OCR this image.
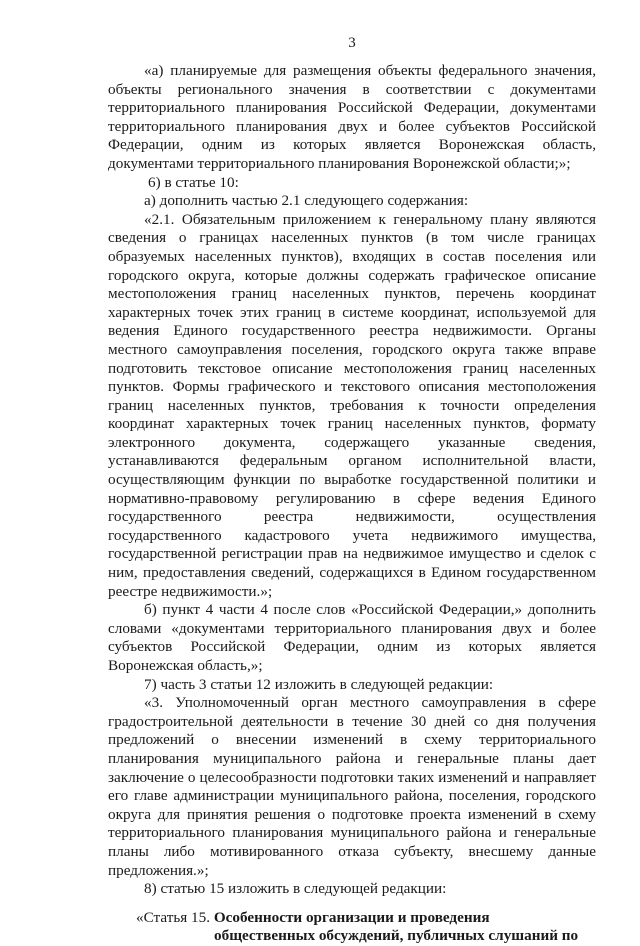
3

«а) планируемые для размещения объекты федерального значения, объекты регионального значения в соответствии с документами территориального планирования Российской Федерации, документами территориального планирования двух и более субъектов Российской Федерации, одним из которых является Воронежская область, документами территориального планирования Воронежской области;»;

6) в статье 10:

а) дополнить частью 2.1 следующего содержания:

«2.1. Обязательным приложением к генеральному плану являются сведения о границах населенных пунктов (в том числе границах образуемых населенных пунктов), входящих в состав поселения или городского округа, которые должны содержать графическое описание местоположения границ населенных пунктов, перечень координат характерных точек этих границ в системе координат, используемой для ведения Единого государственного реестра недвижимости. Органы местного самоуправления поселения, городского округа также вправе подготовить текстовое описание местоположения границ населенных пунктов. Формы графического и текстового описания местоположения границ населенных пунктов, требования к точности определения координат характерных точек границ населенных пунктов, формату электронного документа, содержащего указанные сведения, устанавливаются федеральным органом исполнительной власти, осуществляющим функции по выработке государственной политики и нормативно-правовому регулированию в сфере ведения Единого государственного реестра недвижимости, осуществления государственного кадастрового учета недвижимого имущества, государственной регистрации прав на недвижимое имущество и сделок с ним, предоставления сведений, содержащихся в Едином государственном реестре недвижимости.»;

б) пункт 4 части 4 после слов «Российской Федерации,» дополнить словами «документами территориального планирования двух и более субъектов Российской Федерации, одним из которых является Воронежская область,»;

7) часть 3 статьи 12 изложить в следующей редакции:

«3. Уполномоченный орган местного самоуправления в сфере градостроительной деятельности в течение 30 дней со дня получения предложений о внесении изменений в схему территориального планирования муниципального района и генеральные планы дает заключение о целесообразности подготовки таких изменений и направляет его главе администрации муниципального района, поселения, городского округа для принятия решения о подготовке проекта изменений в схему территориального планирования муниципального района и генеральные планы либо мотивированного отказа субъекту, внесшему данные предложения.»;

8) статью 15 изложить в следующей редакции:

«Статья 15. Особенности организации и проведения
общественных обсуждений, публичных слушаний по
